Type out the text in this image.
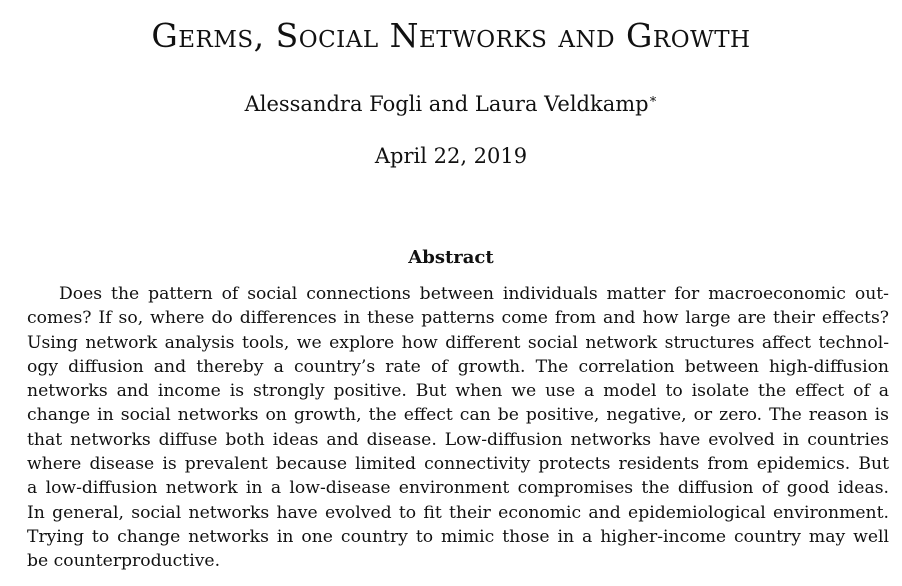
Germs, Social Networks and Growth
Alessandra Fogli and Laura Veldkamp∗
April 22, 2019
Abstract
Does the pattern of social connections between individuals matter for macroeconomic out-
comes? If so, where do differences in these patterns come from and how large are their effects?
Using network analysis tools, we explore how different social network structures affect technol-
ogy diffusion and thereby a country’s rate of growth. The correlation between high-diffusion
networks and income is strongly positive. But when we use a model to isolate the effect of a
change in social networks on growth, the effect can be positive, negative, or zero. The reason is
that networks diffuse both ideas and disease. Low-diffusion networks have evolved in countries
where disease is prevalent because limited connectivity protects residents from epidemics. But
a low-diffusion network in a low-disease environment compromises the diffusion of good ideas.
In general, social networks have evolved to fit their economic and epidemiological environment.
Trying to change networks in one country to mimic those in a higher-income country may well
be counterproductive.
